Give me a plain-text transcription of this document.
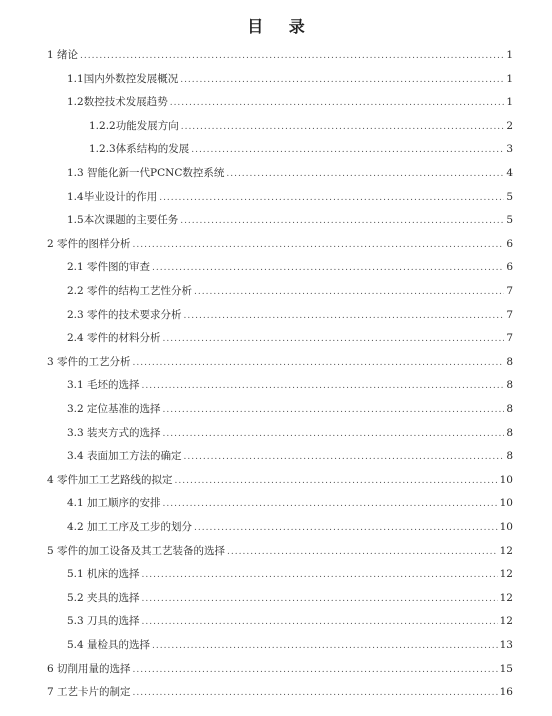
目 录
1 绪论 .....	1
1.1国内外数控发展概况 .....	1
1.2数控技术发展趋势 .....	1
1.2.2功能发展方向 .....	2
1.2.3体系结构的发展 .....	3
1.3 智能化新一代PCNC数控系统 .....	4
1.4毕业设计的作用 .....	5
1.5本次课题的主要任务 .....	5
2 零件的图样分析 .....	6
2.1 零件图的审查 .....	6
2.2 零件的结构工艺性分析 .....	7
2.3 零件的技术要求分析 .....	7
2.4 零件的材料分析 .....	7
3 零件的工艺分析 .....	8
3.1 毛坯的选择 .....	8
3.2 定位基准的选择 .....	8
3.3 装夹方式的选择 .....	8
3.4 表面加工方法的确定 .....	8
4 零件加工工艺路线的拟定 .....	10
4.1 加工顺序的安排 .....	10
4.2 加工工序及工步的划分 .....	10
5 零件的加工设备及其工艺装备的选择 .....	12
5.1 机床的选择 .....	12
5.2 夹具的选择 .....	12
5.3 刀具的选择 .....	12
5.4 量检具的选择 .....	13
6 切削用量的选择 .....	15
7 工艺卡片的制定 .....	16
